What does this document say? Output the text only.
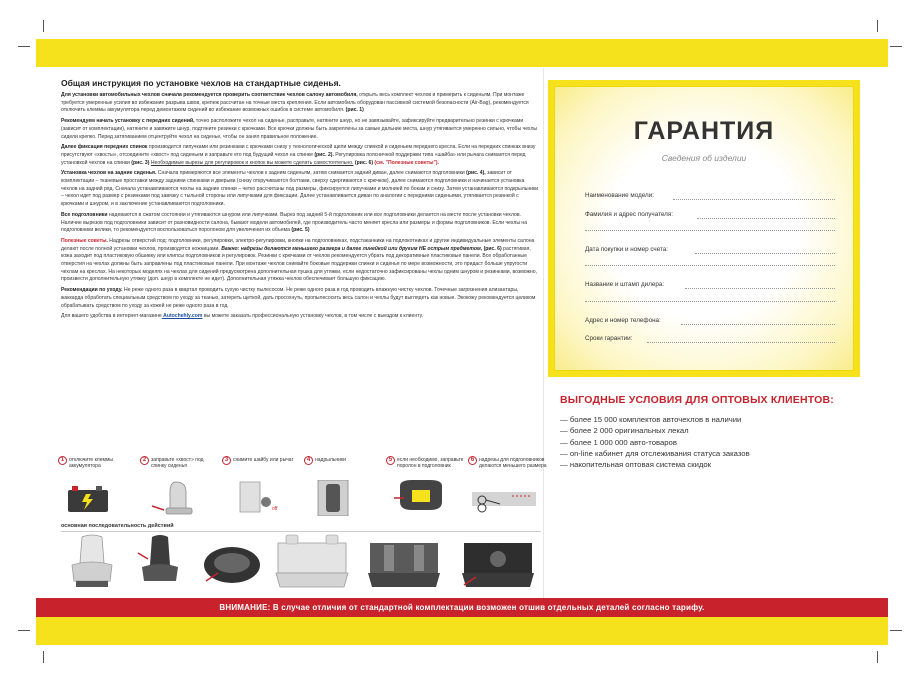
Общая инструкция по установке чехлов на стандартные сиденья.

Для установки автомобильных чехлов сначала рекомендуется проверить соответствие чехлов салону автомобиля, открыть весь комплект чехлов и примерить к сиденьям. При монтаже требуется умеренные усилия во избежание разрыва швов, крепеж рассчитан на точные места крепления. Если автомобиль оборудован пассивной системой безопасности (Air-Bag), рекомендуется отключить клеммы аккумулятора перед демонтажем сидений во избежание возможных ошибок в системе автомобиля. (рис. 1)

Рекомендуем начать установку с передних сидений, точно расположите чехол на сиденье, расправьте, натяните шнур, но не завязывайте, зафиксируйте предварительно резинки с крючками (зависит от комплектации), натяните и завяжите шнур, подтяните резинки с крючками. Все крючки должны быть закреплены за самые дальние места, шнур утягивается умеренно сильно, чтобы чехлы сидели крепко. Перед затягиванием отцентруйте чехол на сиденье, чтобы он занял правильное положение.

Далее фиксация передних спинок производится липучками или резинками с крючками снизу у технологической щели между спинкой и сиденьем переднего кресла. Если на передних спинках внизу присутствуют «хвосты», отсоедините «хвост» под сиденьем и заправьте его под будущий чехол на спинке (рис. 2). Регулировка поясничной поддержки типа «шайба» или рычага снимается перед установкой чехлов на спинки (рис. 3) Необходимые вырезы для регулировок и кнопок вы можете сделать самостоятельно. (рис. 6) (см. "Полезные советы").

Установка чехлов на задние сиденья. Сначала примеряются все элементы чехлов к задним сиденьям, затем снимается задний диван, далее снимаются подголовники (рис. 4), зависит от комплектации – тканевые проставки между задними спинками и дверьми (снизу откручиваются болтами, сверху сдергиваются с крючков), далее снимаются подголовники и начинается установка чехлов на задний ряд. Сначала устанавливаются чехлы на задние спинки – четко рассчитаны под размеры, фиксируется липучками и молнией по бокам и снизу. Затем устанавливаются подкрыльники – чехол идет под размер с резинками под завязку с тыльной стороны или липучками для фиксации. Далее устанавливается диван по аналогии с передними сиденьями, утягивается резинкой с крючками и шнуром, и в заключение устанавливаются подголовники.

Все подголовники надеваются в сжатом состоянии и утягиваются шнуром или липучками. Вырез под задний 5-й подголовник или все подголовники делается на месте после установки чехлов. Наличие вырезов под подголовники зависит от разновидности салона, бывают модели автомобилей, где производитель часто меняет кресла или размеры и формы подголовников. Если чехлы на подголовники велики, то рекомендуется воспользоваться поролоном для увеличения их объема (рис. 5)

Полезные советы. Надрезы отверстий под: подголовники, регулировки, электро-регулировки, кнопки на подголовниках, подстаканники на подлокотниках и другие индивидуальные элементы салона делают после полной установки чехлов, производятся ножницами. Важно: надрезы делаются меньшего размера и далее линейкой или другим НЕ острым предметом, (рис. 6) растягивая, кожа заходит под пластиковую обшивку или клипсы подголовников и регулировок. Резинки с крючками от чехлов рекомендуется убрать под декоративные пластиковые панели. Все обработанные отверстия на чехлах должны быть заправлены под пластиковые панели. При монтаже чехлов снимайте боковые поддержки спинки и сиденья по мере возможности, это придаст больше упругости чехлам на креслах. На некоторых моделях на чехлах для сидений предусмотрена дополнительная пушка для утяжки, если недостаточно зафиксированы чехлы одним шнуром и резинками, возможно, произвести дополнительную утяжку (доп. шнур в комплекте не идет). Дополнительная утяжка чехлов обеспечивает большую фиксацию.

Рекомендации по уходу. Не реже одного раза в квартал проводить сухую чистку пылесосом. Не реже одного раза в год проводить влажную чистку чехлов. Точечные загрязнения ализантары, жаккарда обработать специальным средством по уходу за тканью, затереть щеткой, дать просохнуть, пропылесосить весь салон и чехлы будут выглядеть как новые. Экокожу рекомендуется целиком обрабатывать средством по уходу за кожей не реже одного раза в год.

Для вашего удобства в интернет-магазине Autochehly.com вы можете заказать профессиональную установку чехлов, в том числе с выездом к клиенту.

1 отключите клеммы аккумулятора
2 заправьте «хвост» под спинку сиденья
3 снимите шайбу или рычаг
off
4 надрыльники	5 если необходимо, заправьте поролон в подголовник
6 надрезы для подголовников делаются меньшего размера
основная последовательность действий
ВНИМАНИЕ: В случае отличия от стандартной комплектации возможен отшив отдельных деталей согласно тарифу.
ГАРАНТИЯ
Сведения об изделии
Наименование модели:
Фамилия и адрес получателя:
Дата покупки и номер счета:
Название и штамп дилера:
Адрес и номер телефона:
Сроки гарантии:
ВЫГОДНЫЕ УСЛОВИЯ ДЛЯ ОПТОВЫХ КЛИЕНТОВ:
— более 15 000 комплектов авточехлов в наличии
— более 2 000 оригинальных лекал
— более 1 000 000 авто-товаров
— on-line кабинет для отслеживания статуса заказов
— накопительная оптовая система скидок
